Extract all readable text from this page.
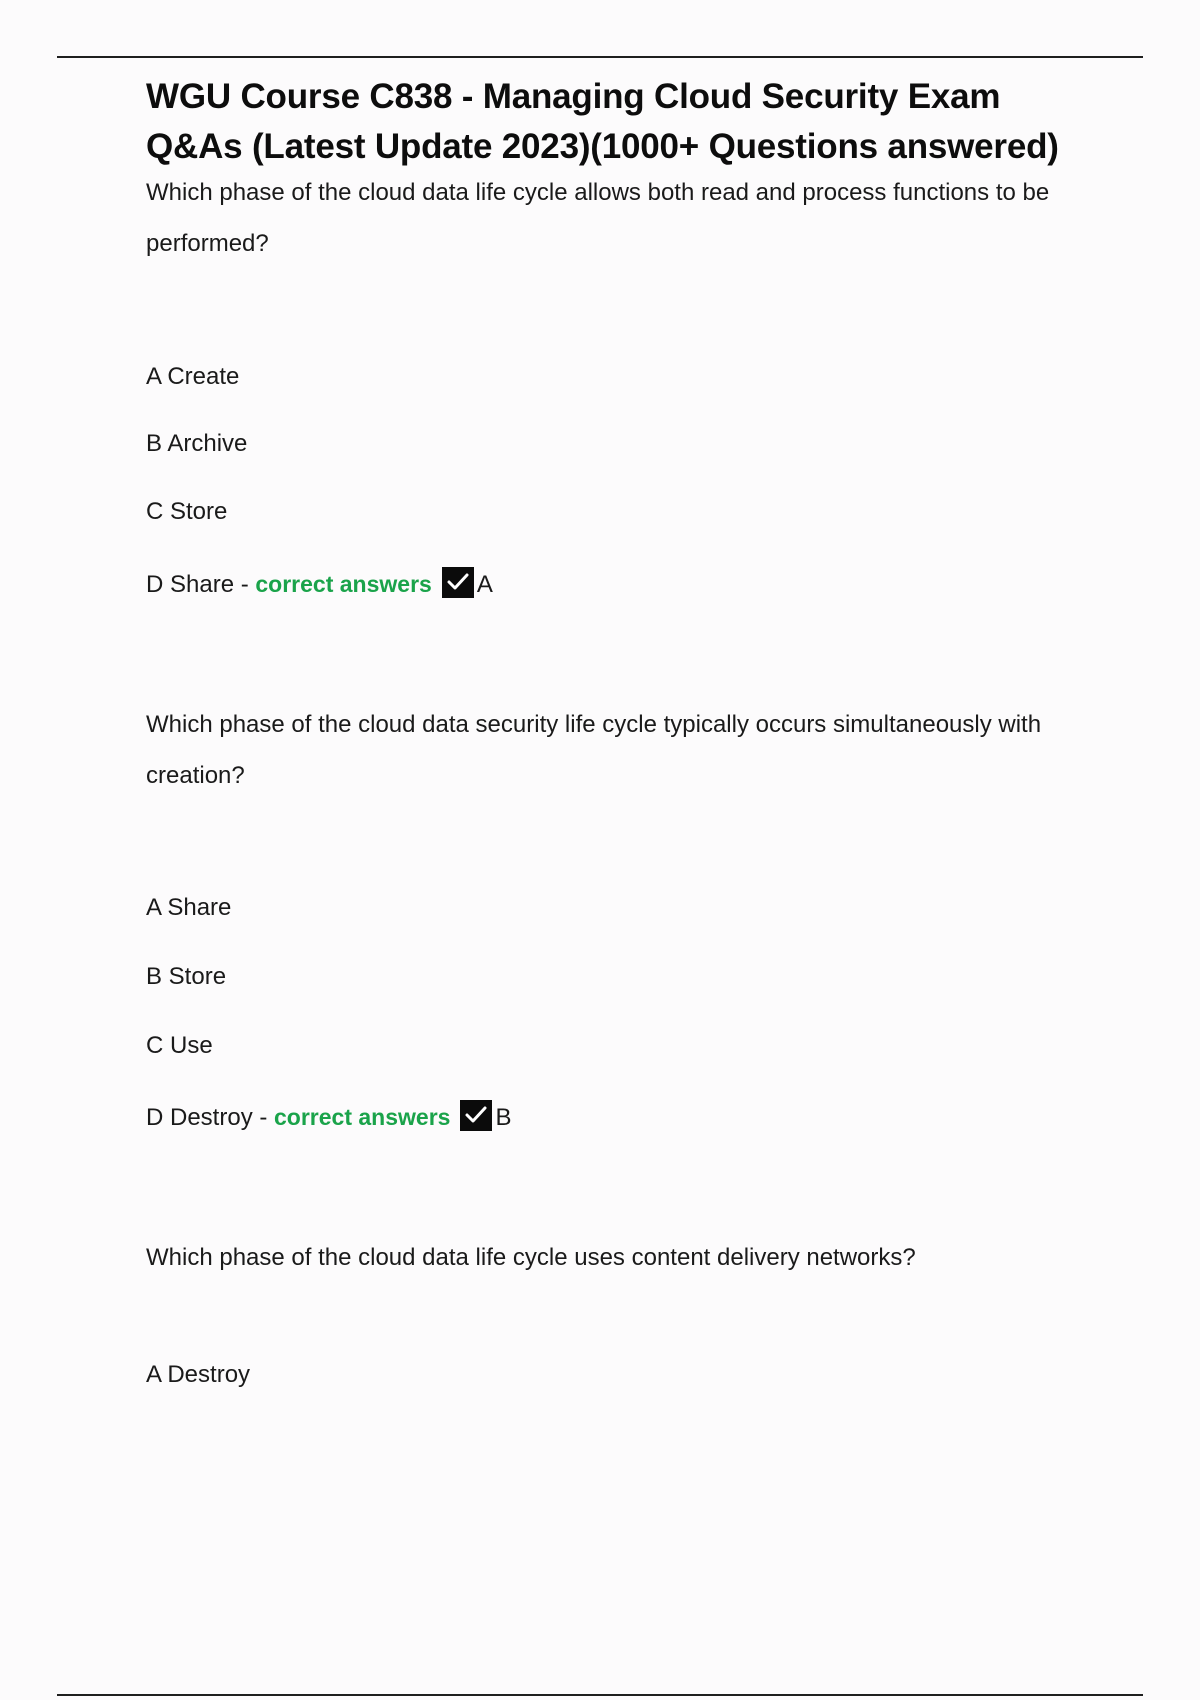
WGU Course C838 - Managing Cloud Security Exam Q&As (Latest Update 2023)(1000+ Questions answered)

Which phase of the cloud data life cycle allows both read and process functions to be performed?

A Create

B Archive

C Store

D Share - correct answers A

Which phase of the cloud data security life cycle typically occurs simultaneously with creation?

A Share

B Store

C Use

D Destroy - correct answers B

Which phase of the cloud data life cycle uses content delivery networks?

A Destroy
